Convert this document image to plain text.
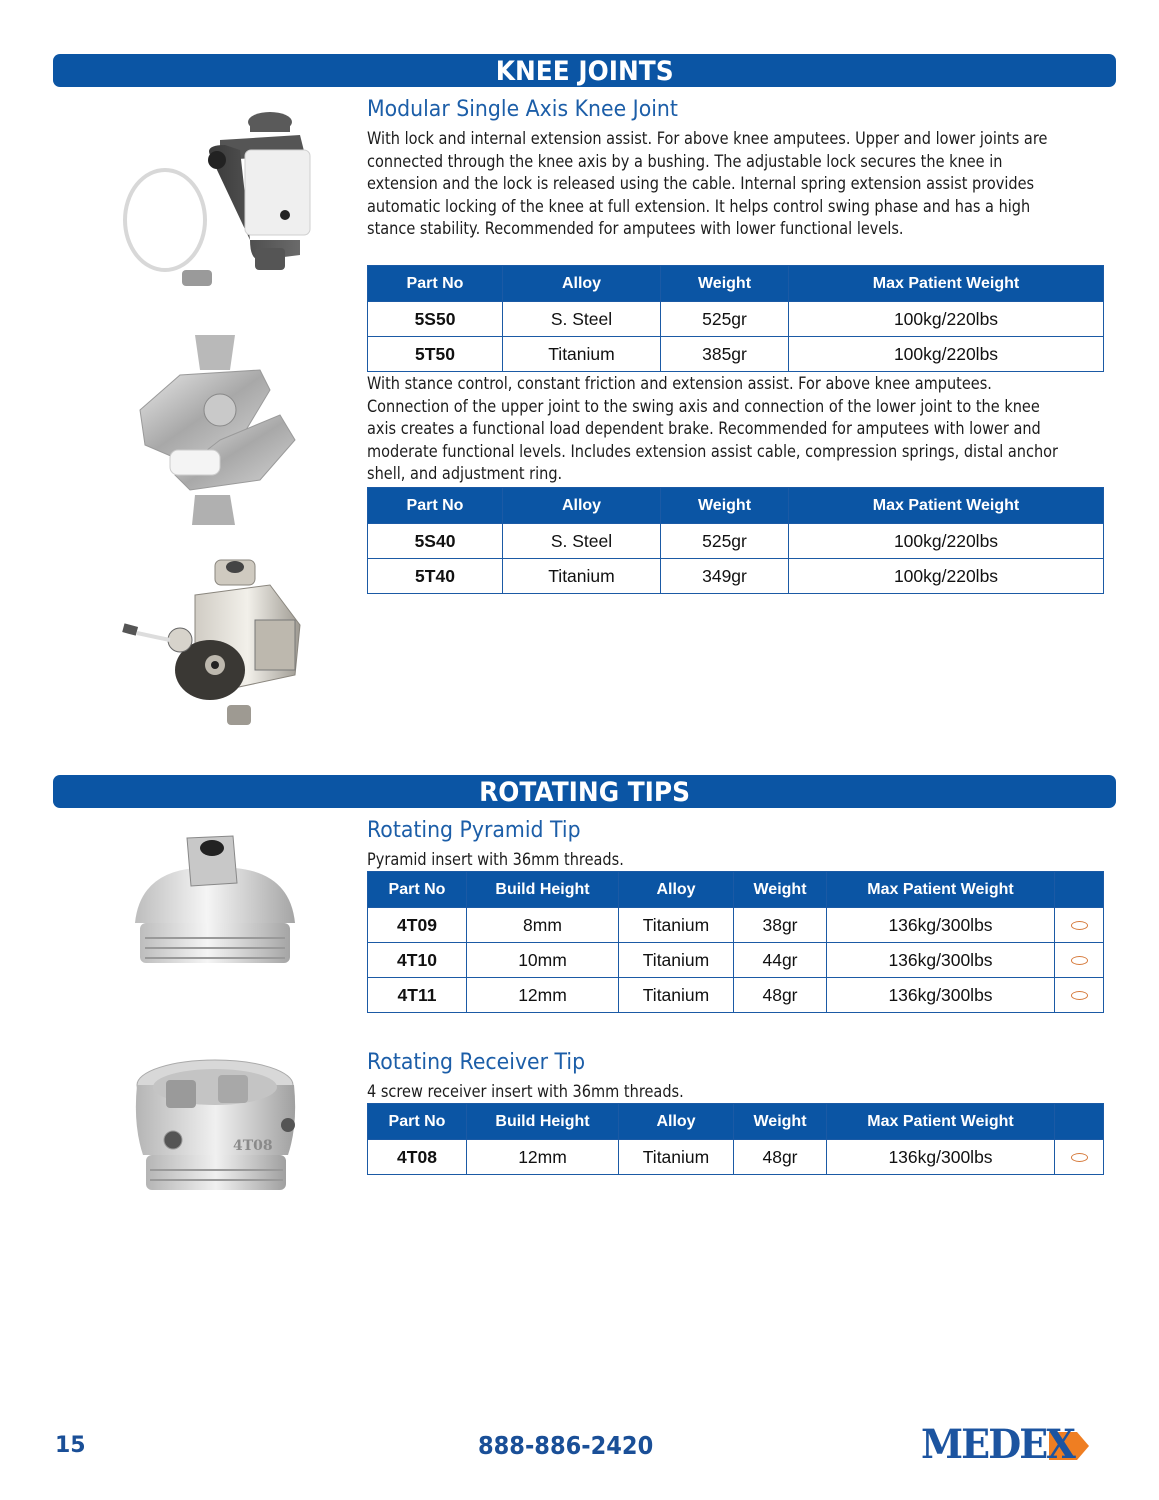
KNEE JOINTS
Modular Single Axis Knee Joint
With lock and internal extension assist. For above knee amputees. Upper and lower joints are connected through the knee axis by a bushing. The adjustable lock secures the knee in extension and the lock is released using the cable. Internal spring extension assist provides automatic locking of the knee at full extension. It helps control swing phase and has a high stance stability. Recommended for amputees with lower functional levels.
Part No	Alloy	Weight	Max Patient Weight
5S50	S. Steel	525gr	100kg/220lbs
5T50	Titanium	385gr	100kg/220lbs
With stance control, constant friction and extension assist. For above knee amputees. Connection of the upper joint to the swing axis and connection of the lower joint to the knee axis creates a functional load dependent brake. Recommended for amputees with lower and moderate functional levels. Includes extension assist cable, compression springs, distal anchor shell, and adjustment ring.
Part No	Alloy	Weight	Max Patient Weight
5S40	S. Steel	525gr	100kg/220lbs
5T40	Titanium	349gr	100kg/220lbs
ROTATING TIPS
Rotating Pyramid Tip
Pyramid insert with 36mm threads.
Part No	Build Height	Alloy	Weight	Max Patient Weight	
4T09	8mm	Titanium	38gr	136kg/300lbs	
4T10	10mm	Titanium	44gr	136kg/300lbs	
4T11	12mm	Titanium	48gr	136kg/300lbs	
4T08
Rotating Receiver Tip
4 screw receiver insert with 36mm threads.
Part No	Build Height	Alloy	Weight	Max Patient Weight	
4T08	12mm	Titanium	48gr	136kg/300lbs	
15	888-886-2420	MEDEX
